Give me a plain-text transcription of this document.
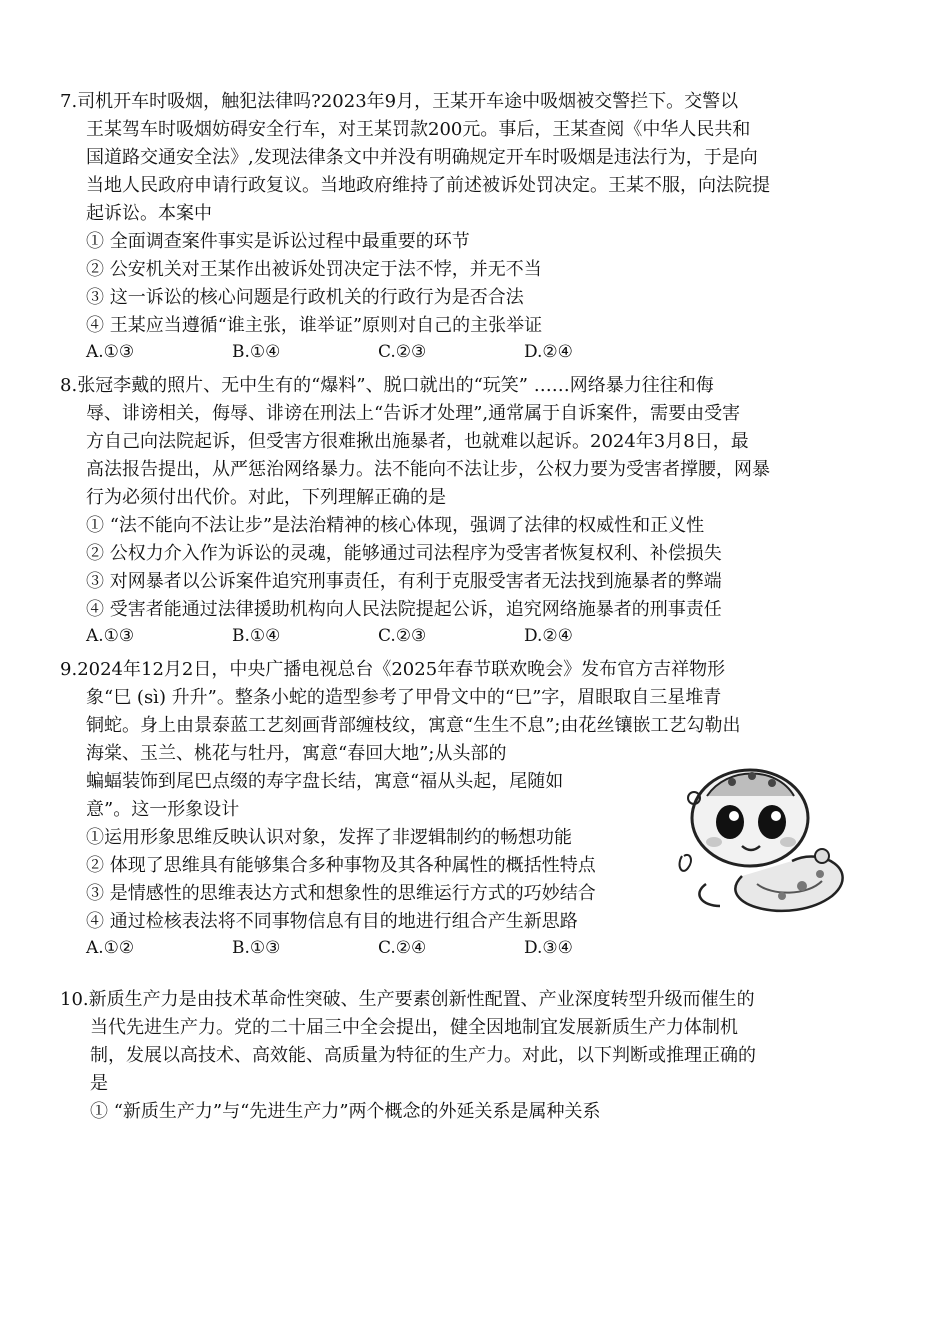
7.司机开车时吸烟，触犯法律吗?2023年9月，王某开车途中吸烟被交警拦下。交警以
王某驾车时吸烟妨碍安全行车，对王某罚款200元。事后，王某查阅《中华人民共和
国道路交通安全法》,发现法律条文中并没有明确规定开车时吸烟是违法行为，于是向
当地人民政府申请行政复议。当地政府维持了前述被诉处罚决定。王某不服，向法院提
起诉讼。本案中
① 全面调查案件事实是诉讼过程中最重要的环节
② 公安机关对王某作出被诉处罚决定于法不悖，并无不当
③ 这一诉讼的核心问题是行政机关的行政行为是否合法
④ 王某应当遵循“谁主张，谁举证”原则对自己的主张举证
A.①③	B.①④	C.②③	D.②④
8.张冠李戴的照片、无中生有的“爆料”、脱口就出的“玩笑” ……网络暴力往往和侮
辱、诽谤相关，侮辱、诽谤在刑法上“告诉才处理”,通常属于自诉案件，需要由受害
方自己向法院起诉，但受害方很难揪出施暴者，也就难以起诉。2024年3月8日，最
高法报告提出，从严惩治网络暴力。法不能向不法让步，公权力要为受害者撑腰，网暴
行为必须付出代价。对此，下列理解正确的是
① “法不能向不法让步”是法治精神的核心体现，强调了法律的权威性和正义性
② 公权力介入作为诉讼的灵魂，能够通过司法程序为受害者恢复权利、补偿损失
③ 对网暴者以公诉案件追究刑事责任，有利于克服受害者无法找到施暴者的弊端
④ 受害者能通过法律援助机构向人民法院提起公诉，追究网络施暴者的刑事责任
A.①③	B.①④	C.②③	D.②④
9.2024年12月2日，中央广播电视总台《2025年春节联欢晚会》发布官方吉祥物形
象“巳 (sì) 升升”。整条小蛇的造型参考了甲骨文中的“巳”字，眉眼取自三星堆青
铜蛇。身上由景泰蓝工艺刻画背部缠枝纹，寓意“生生不息”;由花丝镶嵌工艺勾勒出
海棠、玉兰、桃花与牡丹，寓意“春回大地”;从头部的
蝙蝠装饰到尾巴点缀的寿字盘长结，寓意“福从头起，尾随如
意”。这一形象设计
①运用形象思维反映认识对象，发挥了非逻辑制约的畅想功能
② 体现了思维具有能够集合多种事物及其各种属性的概括性特点
③ 是情感性的思维表达方式和想象性的思维运行方式的巧妙结合
④ 通过检核表法将不同事物信息有目的地进行组合产生新思路
A.①②	B.①③	C.②④	D.③④
10.新质生产力是由技术革命性突破、生产要素创新性配置、产业深度转型升级而催生的
当代先进生产力。党的二十届三中全会提出，健全因地制宜发展新质生产力体制机
制，发展以高技术、高效能、高质量为特征的生产力。对此，以下判断或推理正确的
是
① “新质生产力”与“先进生产力”两个概念的外延关系是属种关系
